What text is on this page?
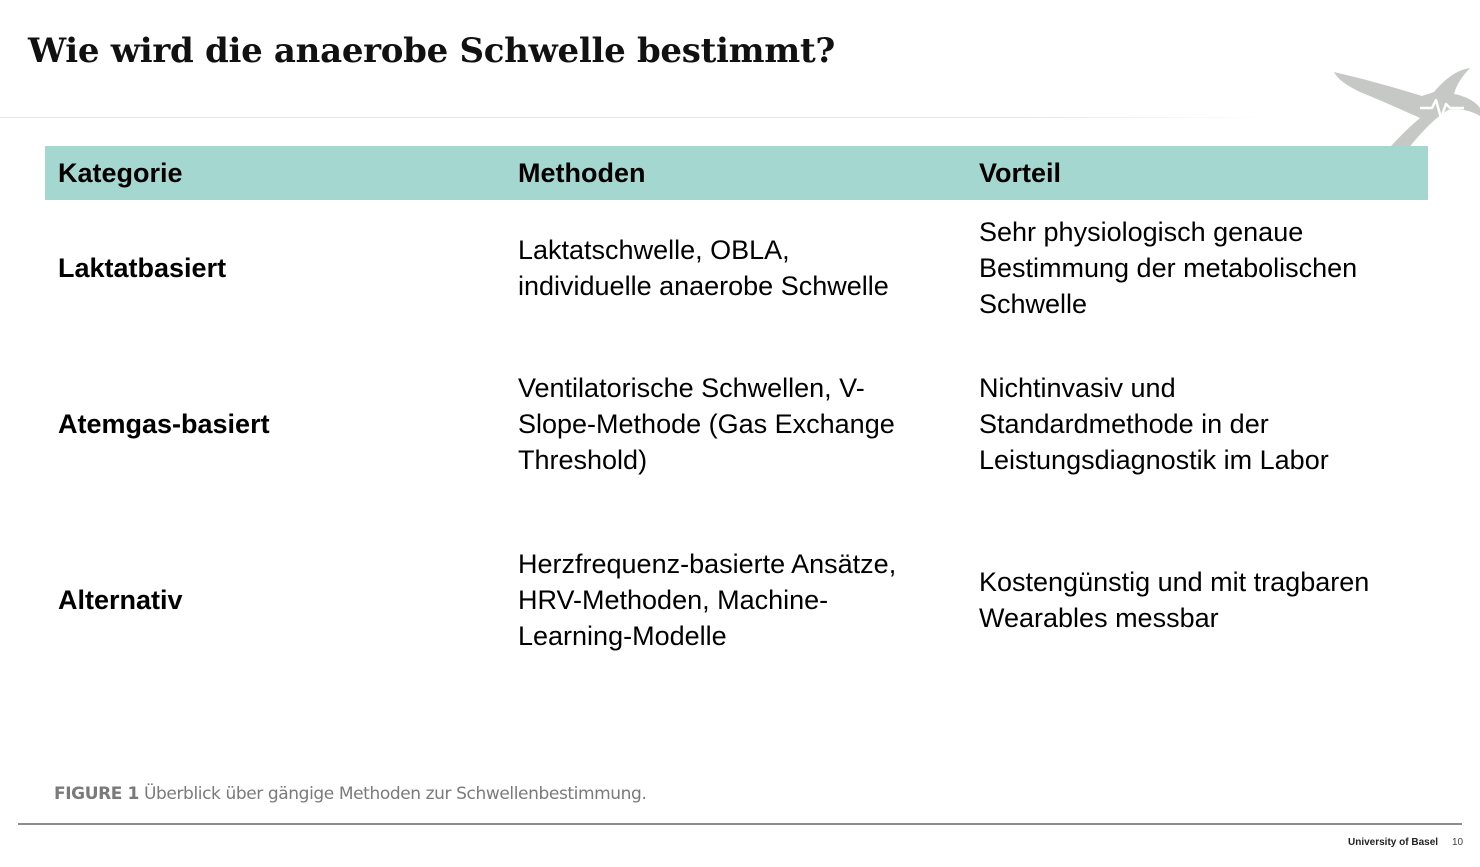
Wie wird die anaerobe Schwelle bestimmt?
Kategorie	Methoden	Vorteil
Laktatbasiert
Laktatschwelle, OBLA,
individuelle anaerobe Schwelle
Sehr physiologisch genaue
Bestimmung der metabolischen
Schwelle
Atemgas-basiert
Ventilatorische Schwellen, V-
Slope-Methode (Gas Exchange
Threshold)
Nichtinvasiv und
Standardmethode in der
Leistungsdiagnostik im Labor
Alternativ
Herzfrequenz-basierte Ansätze,
HRV-Methoden, Machine-
Learning-Modelle
Kostengünstig und mit tragbaren
Wearables messbar
FIGURE 1 Überblick über gängige Methoden zur Schwellenbestimmung.
University of Basel 10
